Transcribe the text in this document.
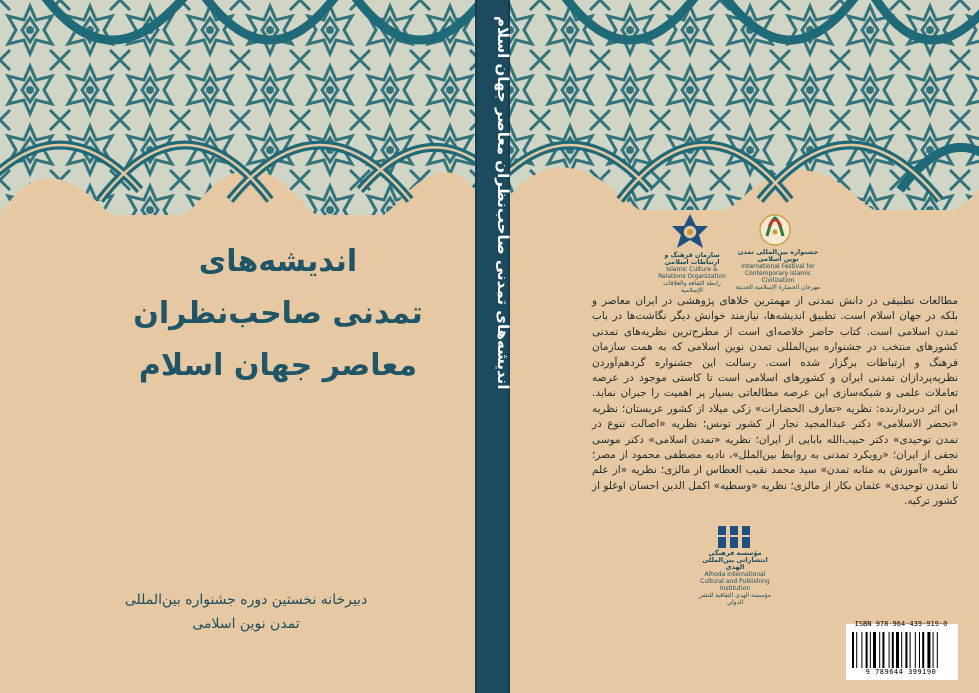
اندیشه‌های
تمدنی صاحب‌نظران
معاصر جهان اسلام
دبیرخانه نخستین دوره جشنواره بین‌المللی
تمدن نوین اسلامی
اندیشه‌های تمدنی صاحب‌نظران معاصر جهان اسلام	سازمان فرهنگ و ارتباطات اسلامی
Islamic Culture & Relations Organization
رابطة الثقافة والعلاقات الإسلامية
جشنواره بین‌المللی تمدن نوین اسلامی
International Festival for Contemporary Islamic Civilization
مهرجان الحضارة الإسلامية الحديثة
مطالعات تطبیقی در دانش تمدنی از مهمترین خلاهای پژوهشی در ایران معاصر و بلکه در جهان اسلام است. تطبیق اندیشه‌ها، نیازمند خوانش دیگر نگاشت‌ها در باب تمدن اسلامی است. کتاب حاضر خلاصه‌ای است از مطرح‌ترین نظریه‌های تمدنی کشورهای منتخب در جشنواره بین‌المللی تمدن نوین اسلامی که به همت سازمان فرهنگ و ارتباطات برگزار شده است. رسالت این جشنواره گردهم‌آوردن نظریه‌پردازان تمدنی ایران و کشورهای اسلامی است تا کاستی موجود در عرصه تعاملات علمی و شبکه‌سازی این عرصه مطالعاتی بسیار پر اهمیت را جبران نماید. این اثر دربردارنده: نظریه «تعارف الحضارات» زکی میلاد از کشور عربستان؛ نظریه «تحضر الاسلامی» دکتر عبدالمجید نجار از کشور تونس؛ نظریه «اصالت تنوع در تمدن توحیدی» دکتر حبیب‌الله بابایی از ایران؛ نظریه «تمدن اسلامی» دکتر موسی نجفی از ایران؛ «رویکرد تمدنی به روابط بین‌الملل»، نادیه مصطفی محمود از مصر؛ نظریه «آموزش به مثابه تمدن» سید محمد نقیب العطاس از مالزی؛ نظریه «از علم تا تمدن توحیدی» عثمان بکار از مالزی؛ نظریه «وسطیه» اکمل الدین احسان اوغلو از کشور ترکیه.
مؤسسه فرهنگی انتشاراتی بین‌المللی الهدی
Alhoda International Cultural and Publishing Institution
مؤسسة الهدى الثقافية للنشر الدولي
ISBN 978-964-439-919-0
9 789644 399190
